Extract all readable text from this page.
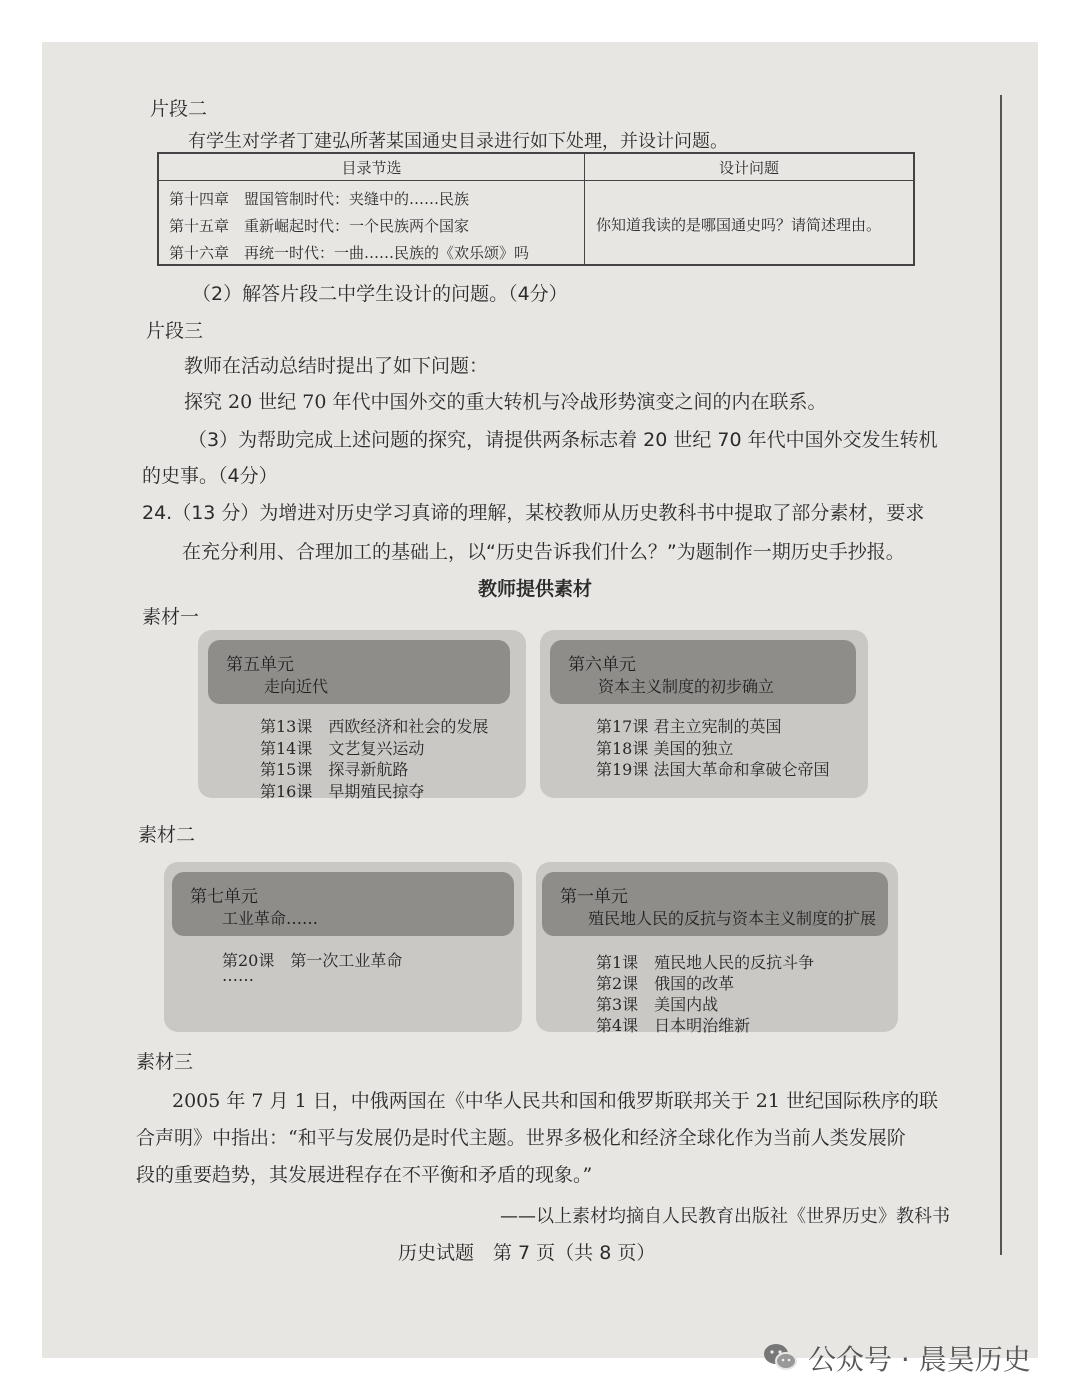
片段二
有学生对学者丁建弘所著某国通史目录进行如下处理，并设计问题。
目录节选	设计问题
第十四章　盟国管制时代：夹缝中的……民族
第十五章　重新崛起时代：一个民族两个国家
第十六章　再统一时代：一曲……民族的《欢乐颂》吗
你知道我读的是哪国通史吗？请简述理由。
（2）解答片段二中学生设计的问题。（4分）
片段三
教师在活动总结时提出了如下问题：
探究 20 世纪 70 年代中国外交的重大转机与冷战形势演变之间的内在联系。
（3）为帮助完成上述问题的探究，请提供两条标志着 20 世纪 70 年代中国外交发生转机
的史事。（4分）
24.（13 分）为增进对历史学习真谛的理解，某校教师从历史教科书中提取了部分素材，要求
在充分利用、合理加工的基础上，以“历史告诉我们什么？”为题制作一期历史手抄报。
教师提供素材
素材一
第五单元
走向近代
第13课　西欧经济和社会的发展
第14课　文艺复兴运动
第15课　探寻新航路
第16课　早期殖民掠夺
第六单元
资本主义制度的初步确立
第17课 君主立宪制的英国
第18课 美国的独立
第19课 法国大革命和拿破仑帝国
素材二
第七单元
工业革命……
第20课　第一次工业革命
……
第一单元
殖民地人民的反抗与资本主义制度的扩展
第1课　殖民地人民的反抗斗争
第2课　俄国的改革
第3课　美国内战
第4课　日本明治维新
素材三
2005 年 7 月 1 日，中俄两国在《中华人民共和国和俄罗斯联邦关于 21 世纪国际秩序的联
合声明》中指出：“和平与发展仍是时代主题。世界多极化和经济全球化作为当前人类发展阶
段的重要趋势，其发展进程存在不平衡和矛盾的现象。”
——以上素材均摘自人民教育出版社《世界历史》教科书
历史试题　第 7 页（共 8 页）
公众号 · 晨昊历史
